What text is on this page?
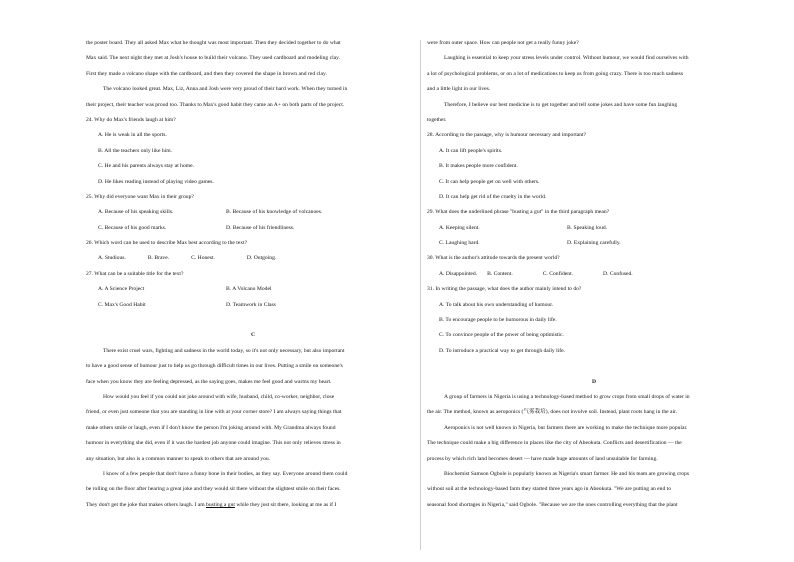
the poster board. They all asked Max what he thought was most important. Then they decided together to do what

Max said. The next night they met at Josh's house to build their volcano. They used cardboard and modeling clay.

First they made a volcano shape with the cardboard, and then they covered the shape in brown and red clay.

The volcano looked great. Max, Liz, Anna and Josh were very proud of their hard work. When they turned in

their project, their teacher was proud too. Thanks to Max's good habit they came an A+ on both parts of the project.

24. Why do Max's friends laugh at him?

A. He is weak in all the sports.
B. All the teachers only like him.
C. He and his parents always stay at home.
D. He likes reading instead of playing video games.

25. Why did everyone want Max in their group?

A. Because of his speaking skills.	B. Because of his knowledge of volcanoes.
C. Because of his good marks.	D. Because of his friendliness.

26. Which word can be used to describe Max best according to the text?

A. Studious.	B. Brave.	C. Honest.	D. Outgoing.

27. What can be a suitable title for the text?

A. A Science Project	B. A Volcano Model
C. Max's Good Habit	D. Teamwork in Class
C

There exist cruel wars, fighting and sadness in the world today, so it's not only necessary, but also important

to have a good sense of humour just to help us go through difficult times in our lives. Putting a smile on someone's

face when you know they are feeling depressed, as the saying goes, makes me feel good and warms my heart.

How would you feel if you could not joke around with wife, husband, child, co-worker, neighbor, close

friend, or even just someone that you are standing in line with at your corner store? I am always saying things that

make others smile or laugh, even if I don't know the person I'm joking around with. My Grandma always found

humour in everything she did, even if it was the hardest job anyone could imagine. This not only relieves stress in

any situation, but also is a common manner to speak to others that are around you.

I know of a few people that don't have a funny bone in their bodies, as they say. Everyone around them could

be rolling on the floor after hearing a great joke and they would sit there without the slightest smile on their faces.

They don't get the joke that makes others laugh. I am busting a gut while they just sit there, looking at me as if I

were from outer space. How can people not get a really funny joke?

Laughing is essential to keep your stress levels under control. Without humour, we would find ourselves with

a lot of psychological problems, or on a lot of medications to keep us from going crazy. There is too much sadness

and a little light in our lives.

Therefore, I believe our best medicine is to get together and tell some jokes and have some fun laughing

together.

28. According to the passage, why is humour necessary and important?

A. It can lift people's spirits.
B. It makes people more confident.
C. It can help people get on well with others.
D. It can help get rid of the cruelty in the world.

29. What does the underlined phrase "busting a gut" in the third paragraph mean?

A. Keeping silent.	B. Speaking loud.
C. Laughing hard.	D. Explaining carefully.

30. What is the author's attitude towards the present world?

A. Disappointed. B. Content.	C. Confident.	D. Confused.

31. In writing the passage, what does the author mainly intend to do?

A. To talk about his own understanding of humour.
B. To encourage people to be humorous in daily life.
C. To convince people of the power of being optimistic.
D. To introduce a practical way to get through daily life.
D

A group of farmers in Nigeria is using a technology-based method to grow crops from small drops of water in

the air. The method, known as aeroponics (气雾栽培), does not involve soil. Instead, plant roots hang in the air.

Aeroponics is not well known in Nigeria, but farmers there are working to make the technique more popular.

The technique could make a big difference in places like the city of Abeokuta. Conflicts and desertification — the

process by which rich land becomes desert — have made huge amounts of land unsuitable for farming.

Biochemist Samson Ogbole is popularly known as Nigeria's smart farmer. He and his team are growing crops

without soil at the technology-based farm they started three years ago in Abeokuta. "We are putting an end to

seasonal food shortages in Nigeria," said Ogbole. "Because we are the ones controlling everything that the plant
